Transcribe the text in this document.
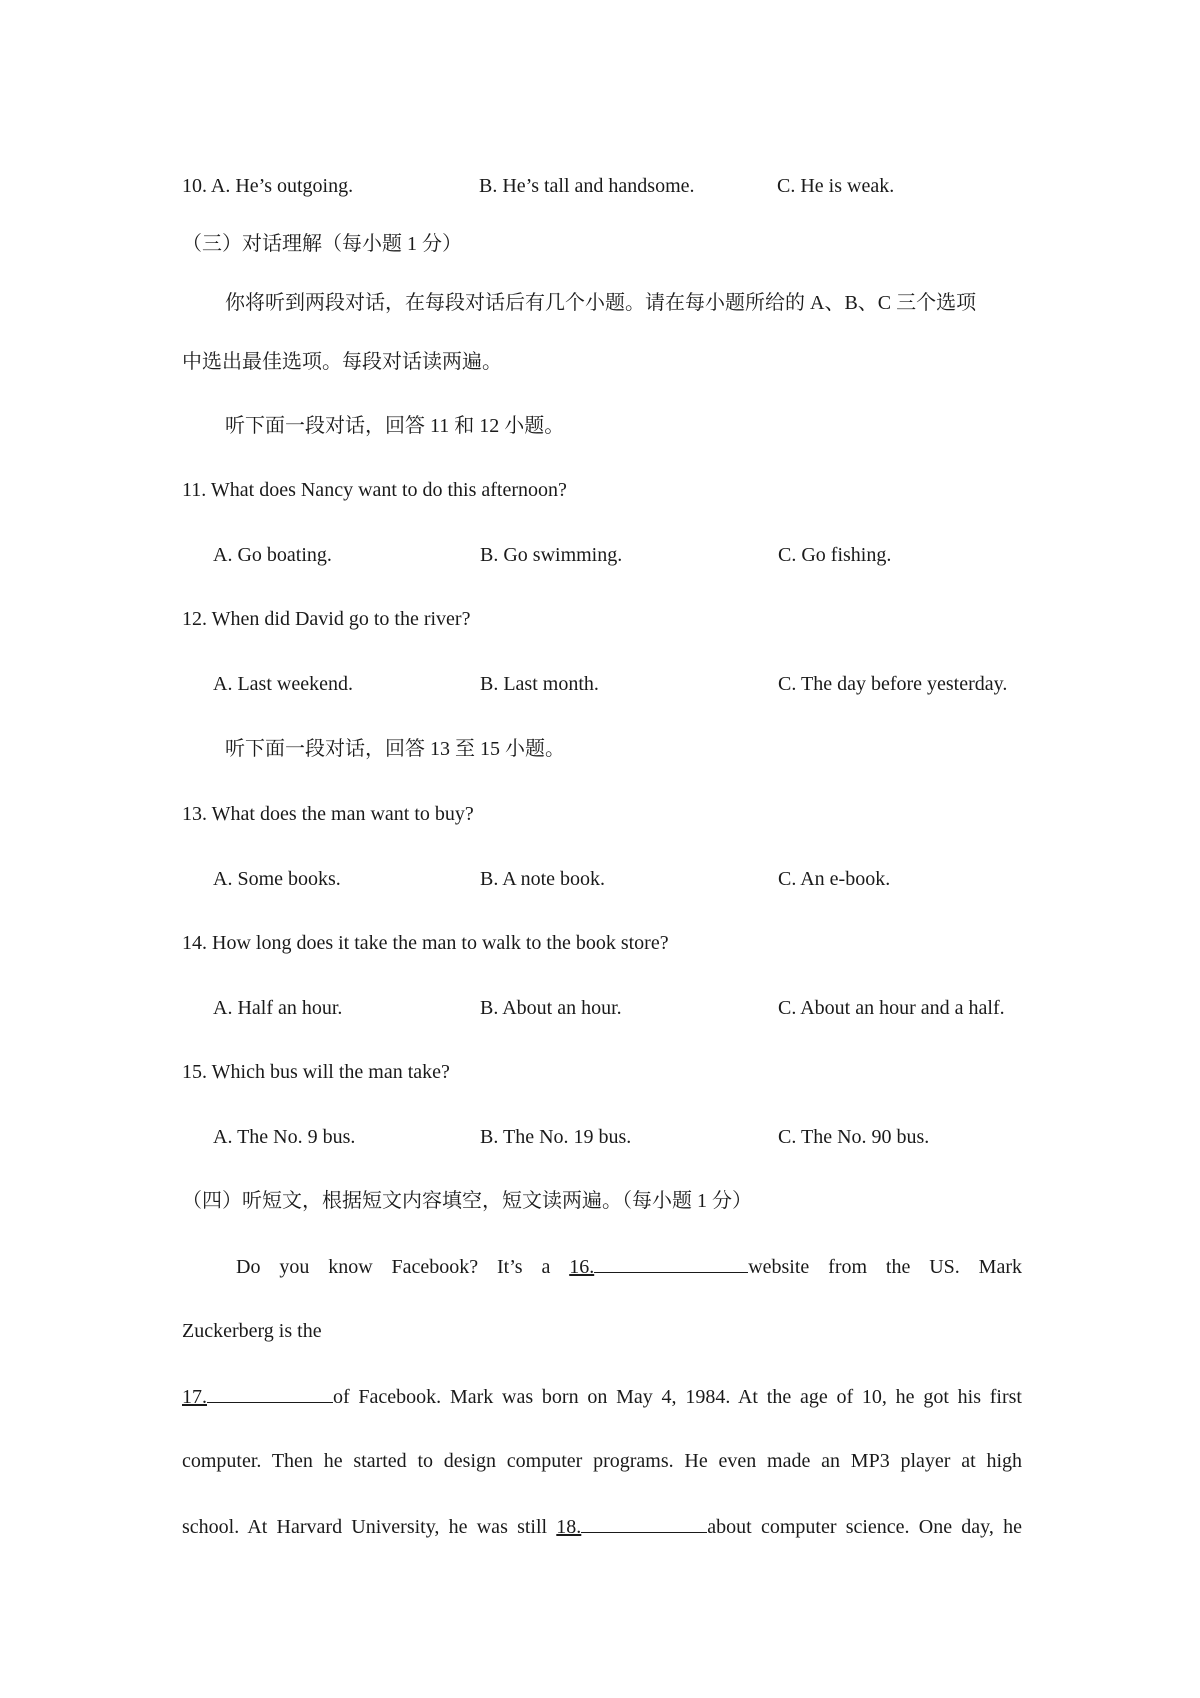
10. A. He’s outgoing.	B. He’s tall and handsome.	C. He is weak.
（三）对话理解（每小题 1 分）
你将听到两段对话，在每段对话后有几个小题。请在每小题所给的 A、B、C 三个选项
中选出最佳选项。每段对话读两遍。
听下面一段对话，回答 11 和 12 小题。
11. What does Nancy want to do this afternoon?
A. Go boating.	B. Go swimming.	C. Go fishing.
12. When did David go to the river?
A. Last weekend.	B. Last month.	C. The day before yesterday.
听下面一段对话，回答 13 至 15 小题。
13. What does the man want to buy?
A. Some books.	B. A note book.	C. An e-book.
14. How long does it take the man to walk to the book store?
A. Half an hour.	B. About an hour.	C. About an hour and a half.
15. Which bus will the man take?
A. The No. 9 bus.	B. The No. 19 bus.	C. The No. 90 bus.
（四）听短文，根据短文内容填空，短文读两遍。（每小题 1 分）
Do you know Facebook? It’s a 16.	website from the US. Mark
Zuckerberg is the
17.	of Facebook. Mark was born on May 4, 1984. At the age of 10, he got his first
computer. Then he started to design computer programs. He even made an MP3 player at high
school. At Harvard University, he was still 18.	about computer science. One day, he
